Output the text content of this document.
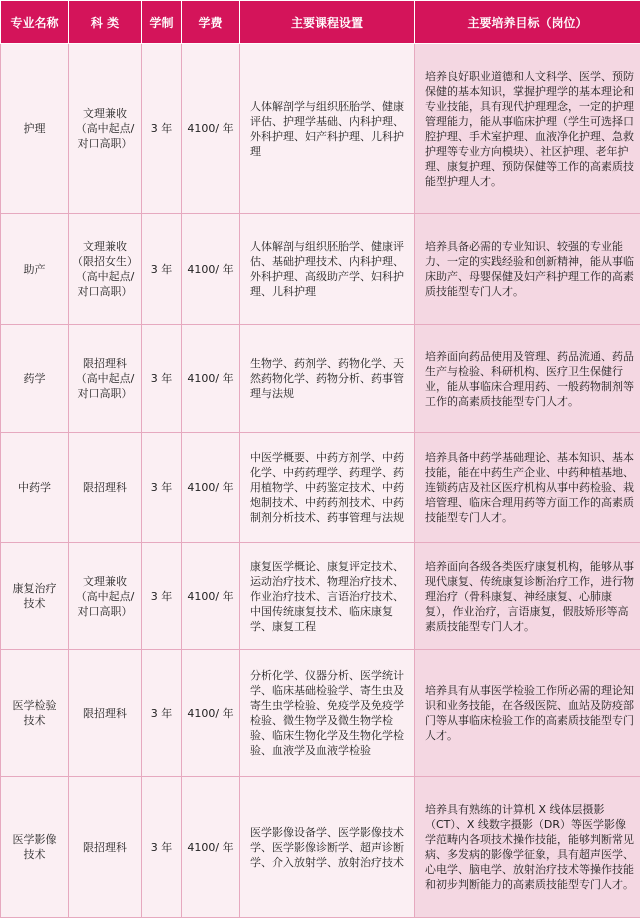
专业名称	科 类	学制	学费	主要课程设置	主要培养目标（岗位）
护理	文理兼收
（高中起点/
对口高职）	3 年	4100/ 年	人体解剖学与组织胚胎学、健康评估、护理学基础、内科护理、外科护理、妇产科护理、儿科护理	培养良好职业道德和人文科学、医学、预防保健的基本知识，掌握护理学的基本理论和专业技能，具有现代护理理念，一定的护理管理能力，能从事临床护理（学生可选择口腔护理、手术室护理、血液净化护理、急救护理等专业方向模块）、社区护理、老年护理、康复护理、预防保健等工作的高素质技能型护理人才。
助产	文理兼收
（限招女生）
（高中起点/
对口高职）	3 年	4100/ 年	人体解剖与组织胚胎学、健康评估、基础护理技术、内科护理、外科护理、高级助产学、妇科护理、儿科护理	培养具备必需的专业知识、较强的专业能力、一定的实践经验和创新精神，能从事临床助产、母婴保健及妇产科护理工作的高素质技能型专门人才。
药学	限招理科
（高中起点/
对口高职）	3 年	4100/ 年	生物学、药剂学、药物化学、天然药物化学、药物分析、药事管理与法规	培养面向药品使用及管理、药品流通、药品生产与检验、科研机构、医疗卫生保健行业，能从事临床合理用药、一般药物制剂等工作的高素质技能型专门人才。
中药学	限招理科	3 年	4100/ 年	中医学概要、中药方剂学、中药化学、中药药理学、药理学、药用植物学、中药鉴定技术、中药炮制技术、中药药剂技术、中药制剂分析技术、药事管理与法规	培养具备中药学基础理论、基本知识、基本技能，能在中药生产企业、中药种植基地、连锁药店及社区医疗机构从事中药检验、栽培管理、临床合理用药等方面工作的高素质技能型专门人才。
康复治疗
技术	文理兼收
（高中起点/
对口高职）	3 年	4100/ 年	康复医学概论、康复评定技术、运动治疗技术、物理治疗技术、作业治疗技术、言语治疗技术、中国传统康复技术、临床康复学、康复工程	培养面向各级各类医疗康复机构，能够从事现代康复、传统康复诊断治疗工作，进行物理治疗（骨科康复、神经康复、心肺康复），作业治疗，言语康复，假肢矫形等高素质技能型专门人才。
医学检验
技术	限招理科	3 年	4100/ 年	分析化学、仪器分析、医学统计学、临床基础检验学、寄生虫及寄生虫学检验、免疫学及免疫学检验、微生物学及微生物学检验、临床生物化学及生物化学检验、血液学及血液学检验	培养具有从事医学检验工作所必需的理论知识和业务技能，在各级医院、血站及防疫部门等从事临床检验工作的高素质技能型专门人才。
医学影像
技术	限招理科	3 年	4100/ 年	医学影像设备学、医学影像技术学、医学影像诊断学、超声诊断学、介入放射学、放射治疗技术	培养具有熟练的计算机 X 线体层摄影（CT）、X 线数字摄影（DR）等医学影像学范畴内各项技术操作技能，能够判断常见病、多发病的影像学征象，具有超声医学、心电学、脑电学、放射治疗技术等操作技能和初步判断能力的高素质技能型专门人才。
